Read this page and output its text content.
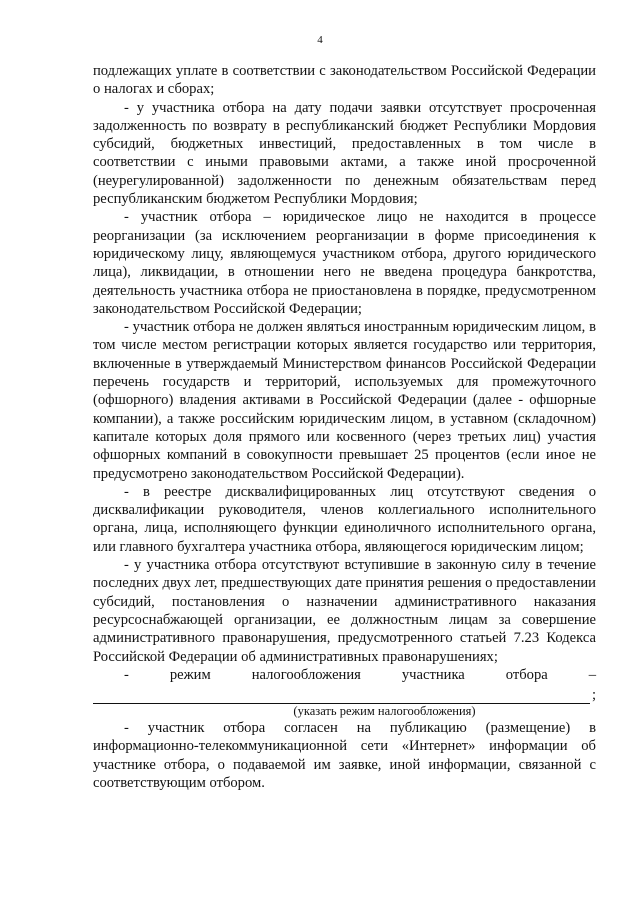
4

подлежащих уплате в соответствии с законодательством Российской Федерации о налогах и сборах;

- у участника отбора на дату подачи заявки отсутствует просроченная задолженность по возврату в республиканский бюджет Республики Мордовия субсидий, бюджетных инвестиций, предоставленных в том числе в соответствии с иными правовыми актами, а также иной просроченной (неурегулированной) задолженности по денежным обязательствам перед республиканским бюджетом Республики Мордовия;

- участник отбора – юридическое лицо не находится в процессе реорганизации (за исключением реорганизации в форме присоединения к юридическому лицу, являющемуся участником отбора, другого юридического лица), ликвидации, в отношении него не введена процедура банкротства, деятельность участника отбора не приостановлена в порядке, предусмотренном законодательством Российской Федерации;

- участник отбора не должен являться иностранным юридическим лицом, в том числе местом регистрации которых является государство или территория, включенные в утверждаемый Министерством финансов Российской Федерации перечень государств и территорий, используемых для промежуточного (офшорного) владения активами в Российской Федерации (далее - офшорные компании), а также российским юридическим лицом, в уставном (складочном) капитале которых доля прямого или косвенного (через третьих лиц) участия офшорных компаний в совокупности превышает 25 процентов (если иное не предусмотрено законодательством Российской Федерации).

- в реестре дисквалифицированных лиц отсутствуют сведения о дисквалификации руководителя, членов коллегиального исполнительного органа, лица, исполняющего функции единоличного исполнительного органа, или главного бухгалтера участника отбора, являющегося юридическим лицом;

- у участника отбора отсутствуют вступившие в законную силу в течение последних двух лет, предшествующих дате принятия решения о предоставлении субсидий, постановления о назначении административного наказания ресурсоснабжающей организации, ее должностным лицам за совершение административного правонарушения, предусмотренного статьей 7.23 Кодекса Российской Федерации об административных правонарушениях;

- режим налогообложения участника отбора –

;
(указать режим налогообложения)

- участник отбора согласен на публикацию (размещение) в информационно-телекоммуникационной сети «Интернет» информации об участнике отбора, о подаваемой им заявке, иной информации, связанной с соответствующим отбором.
